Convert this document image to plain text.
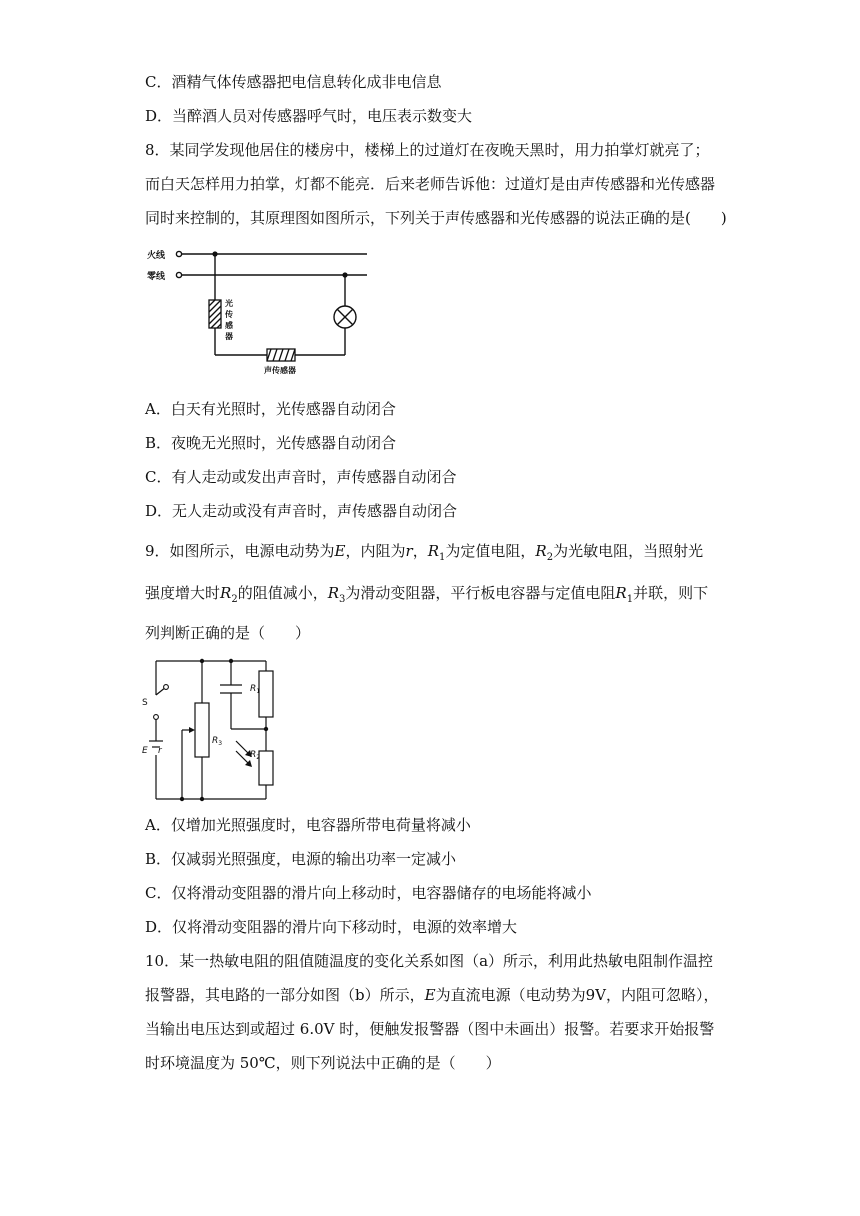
C．酒精气体传感器把电信息转化成非电信息
D．当醉酒人员对传感器呼气时，电压表示数变大
8．某同学发现他居住的楼房中，楼梯上的过道灯在夜晚天黑时，用力拍掌灯就亮了；
而白天怎样用力拍掌，灯都不能亮．后来老师告诉他：过道灯是由声传感器和光传感器
同时来控制的，其原理图如图所示，下列关于声传感器和光传感器的说法正确的是(　　)
火线
零线
光
传
感
器
声传感器
A．白天有光照时，光传感器自动闭合
B．夜晚无光照时，光传感器自动闭合
C．有人走动或发出声音时，声传感器自动闭合
D．无人走动或没有声音时，声传感器自动闭合
9．如图所示，电源电动势为E，内阻为r，$R_1$为定值电阻，$R_2$为光敏电阻，当照射光
强度增大时$R_2$的阻值减小，$R_3$为滑动变阻器，平行板电容器与定值电阻$R_1$并联，则下
列判断正确的是（　　）
S
E r
$R_3$
$R_1$
$R_2$
A．仅增加光照强度时，电容器所带电荷量将减小
B．仅减弱光照强度，电源的输出功率一定减小
C．仅将滑动变阻器的滑片向上移动时，电容器储存的电场能将减小
D．仅将滑动变阻器的滑片向下移动时，电源的效率增大
10．某一热敏电阻的阻值随温度的变化关系如图（a）所示，利用此热敏电阻制作温控
报警器，其电路的一部分如图（b）所示，E为直流电源（电动势为9V，内阻可忽略），
当输出电压达到或超过 6.0V 时，便触发报警器（图中未画出）报警。若要求开始报警
时环境温度为 50℃，则下列说法中正确的是（　　）
